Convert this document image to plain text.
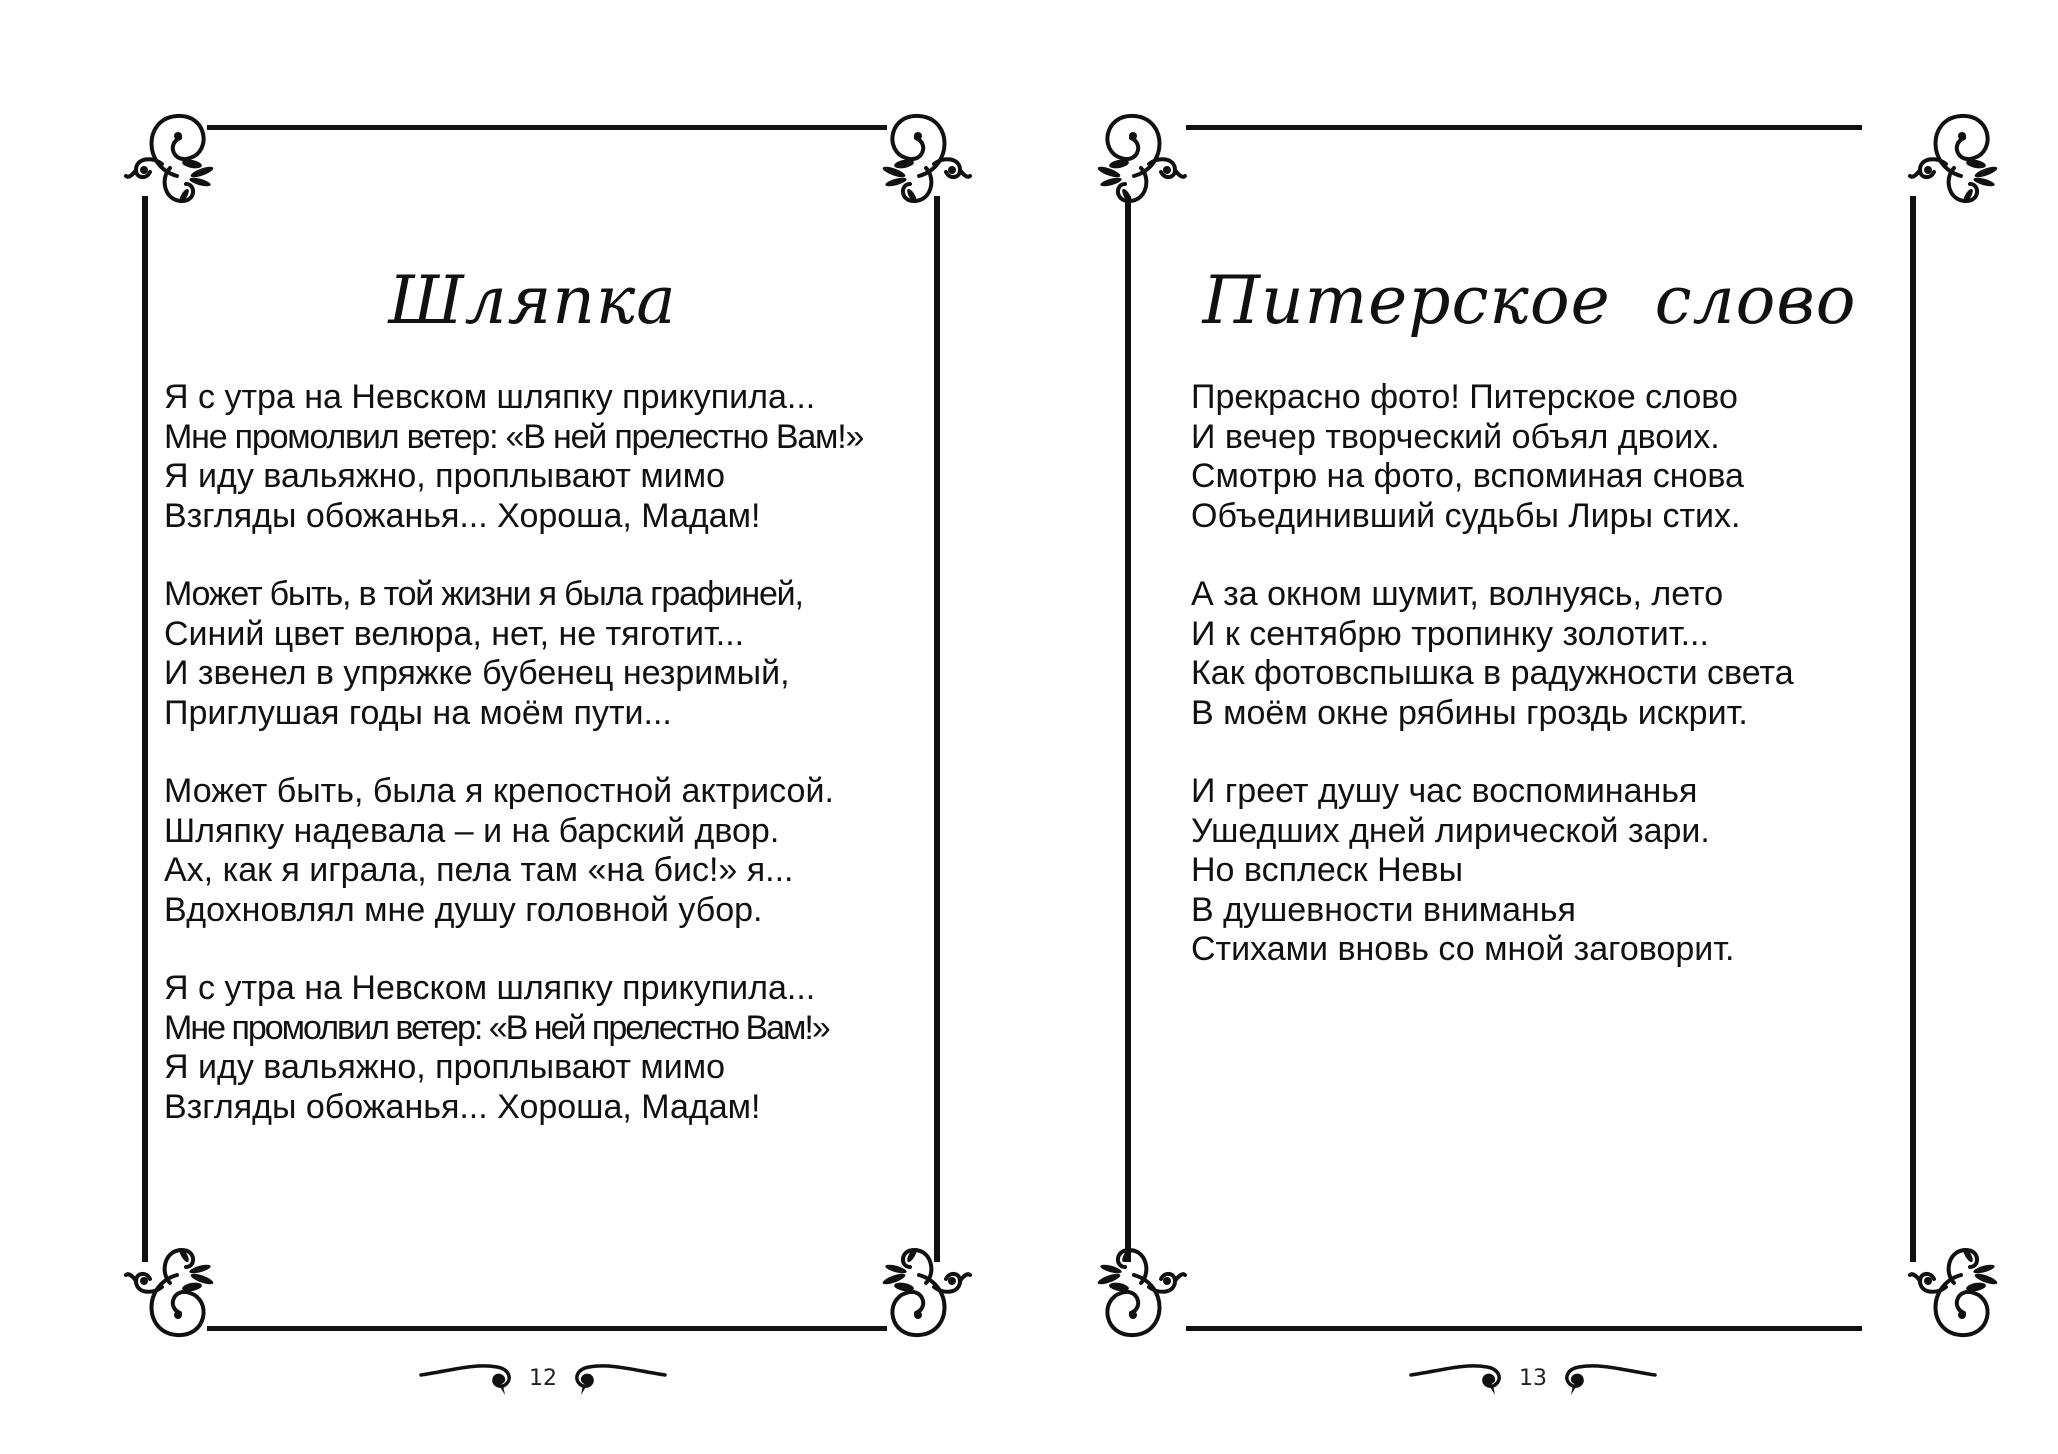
Шляпка
Я с утра на Невском шляпку прикупила...
Мне промолвил ветер: «В ней прелестно Вам!»
Я иду вальяжно, проплывают мимо
Взгляды обожанья... Хороша, Мадам!
Может быть, в той жизни я была графиней,
Синий цвет велюра, нет, не тяготит...
И звенел в упряжке бубенец незримый,
Приглушая годы на моём пути...
Может быть, была я крепостной актрисой.
Шляпку надевала – и на барский двор.
Ах, как я играла, пела там «на бис!» я...
Вдохновлял мне душу головной убор.
Я с утра на Невском шляпку прикупила...
Мне промолвил ветер: «В ней прелестно Вам!»
Я иду вальяжно, проплывают мимо
Взгляды обожанья... Хороша, Мадам!
12
Питерское  слово
Прекрасно фото! Питерское слово
И вечер творческий объял двоих.
Смотрю на фото, вспоминая снова
Объединивший судьбы Лиры стих.
А за окном шумит, волнуясь, лето
И к сентябрю тропинку золотит...
Как фотовспышка в радужности света
В моём окне рябины гроздь искрит.
И греет душу час воспоминанья
Ушедших дней лирической зари.
Но всплеск Невы
В душевности вниманья
Стихами вновь со мной заговорит.
13
